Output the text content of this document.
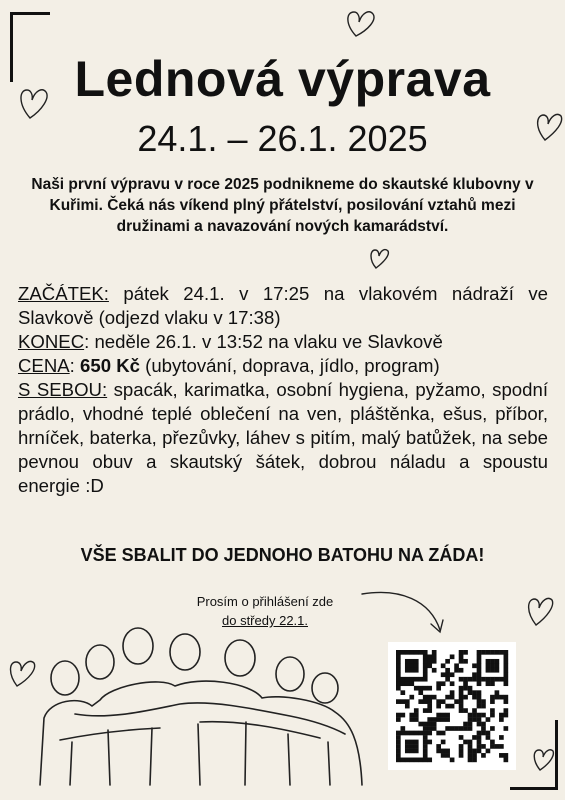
Lednová výprava
24.1. – 26.1. 2025
Naši první výpravu v roce 2025 podnikneme do skautské klubovny v Kuřimi. Čeká nás víkend plný přátelství, posilování vztahů mezi družinami a navazování nových kamarádství.

ZAČÁTEK: pátek 24.1. v 17:25 na vlakovém nádraží ve Slavkově (odjezd vlaku v 17:38)

KONEC: neděle 26.1. v 13:52 na vlaku ve Slavkově

CENA: 650 Kč (ubytování, doprava, jídlo, program)

S SEBOU: spacák, karimatka, osobní hygiena, pyžamo, spodní prádlo, vhodné teplé oblečení na ven, pláštěnka, ešus, příbor, hrníček, baterka, přezůvky, láhev s pitím, malý batůžek, na sebe pevnou obuv a skautský šátek, dobrou náladu a spoustu energie :D

VŠE SBALIT DO JEDNOHO BATOHU NA ZÁDA!
Prosím o přihlášení zde
do středy 22.1.
